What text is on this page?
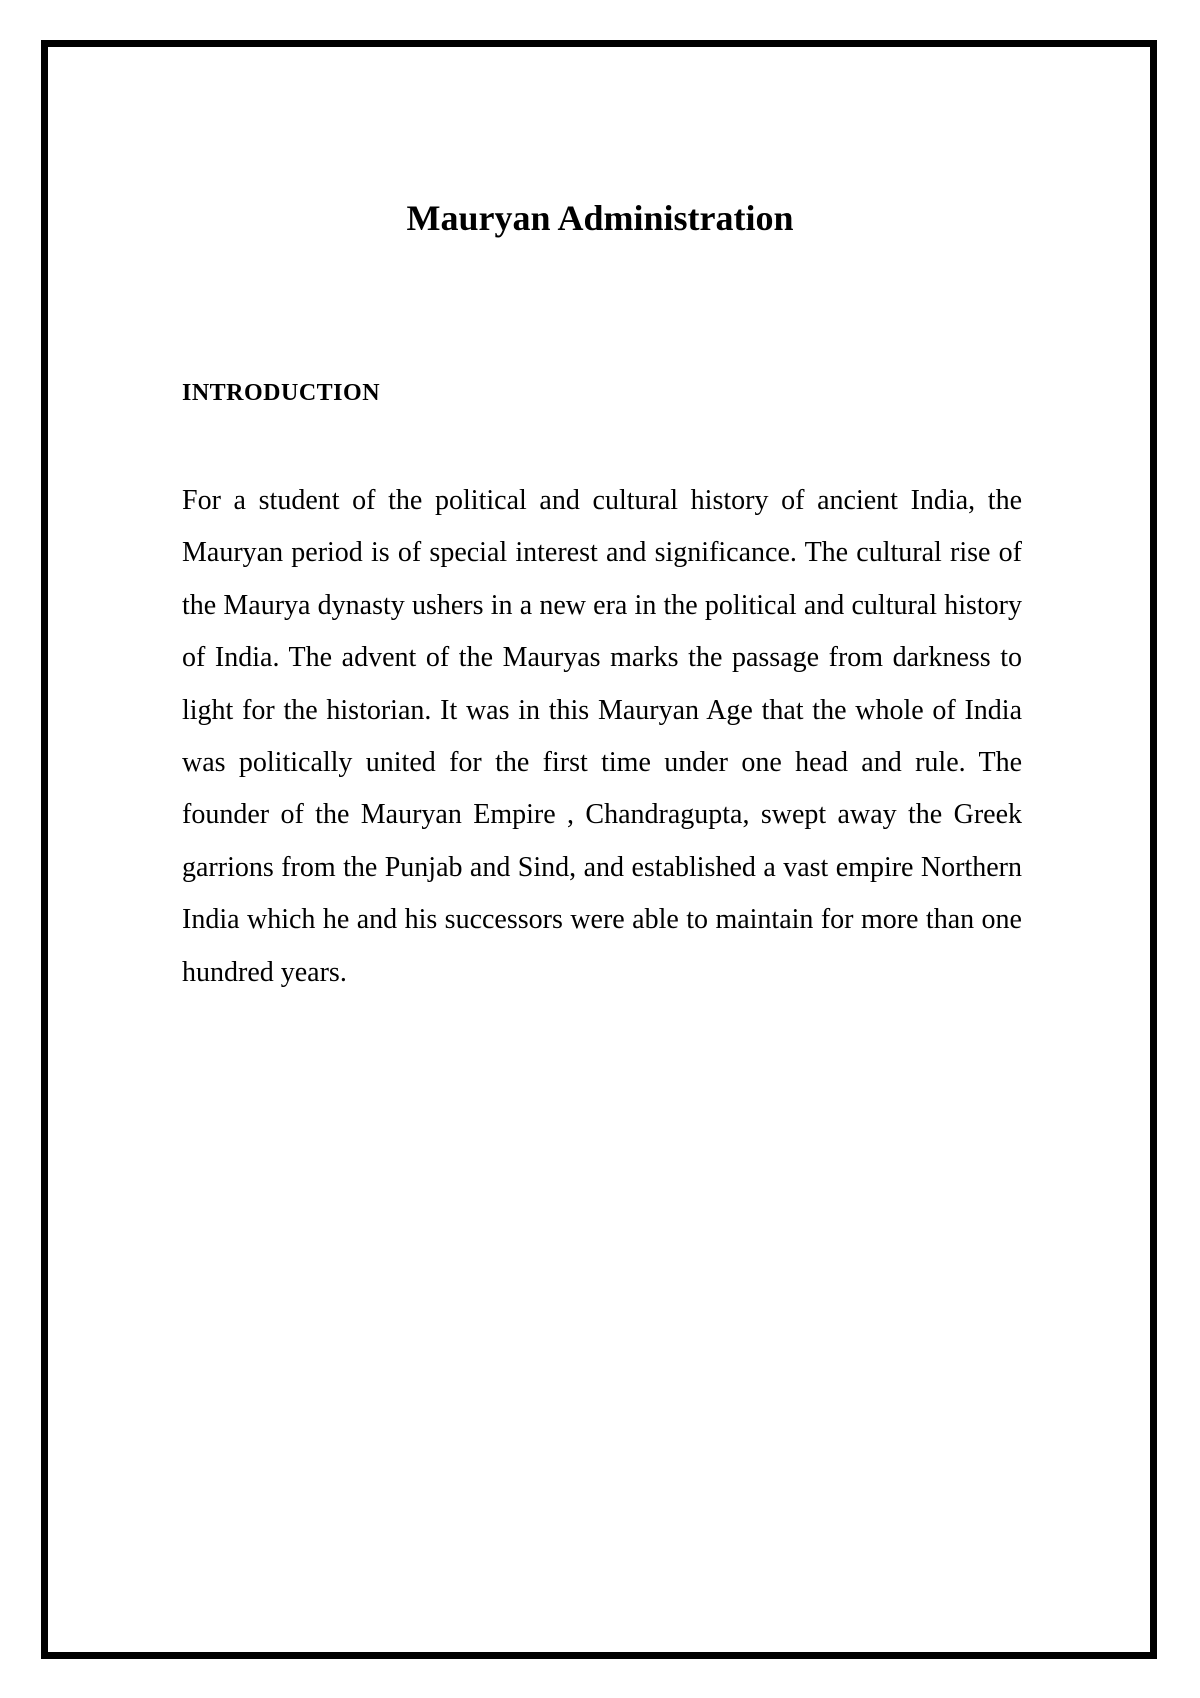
Mauryan Administration
INTRODUCTION

For a student of the political and cultural history of ancient India, the Mauryan period is of special interest and significance. The cultural rise of the Maurya dynasty ushers in a new era in the political and cultural history of India. The advent of the Mauryas marks the passage from darkness to light for the historian. It was in this Mauryan Age that the whole of India was politically united for the first time under one head and rule. The founder of the Mauryan Empire , Chandragupta, swept away the Greek garrions from the Punjab and Sind, and established a vast empire Northern India which he and his successors were able to maintain for more than one hundred years.
